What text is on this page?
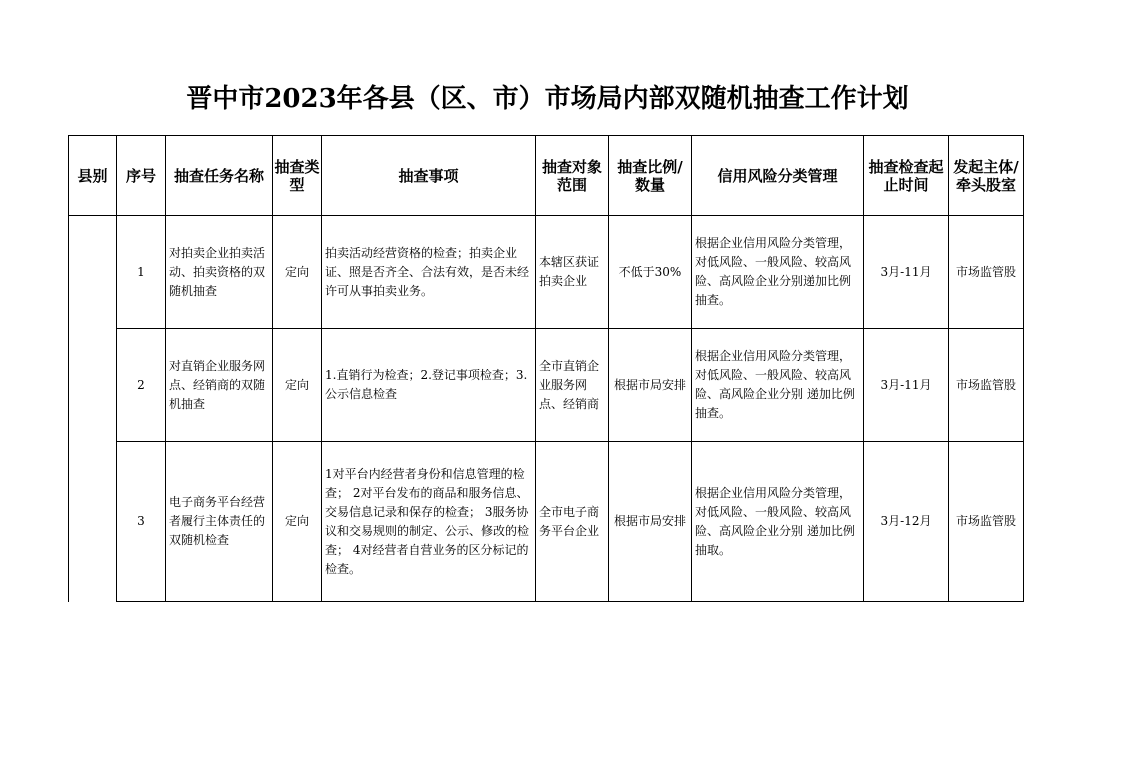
晋中市2023年各县（区、市）市场局内部双随机抽查工作计划
县别	序号	抽查任务名称	抽查类型	抽查事项	抽查对象范围	抽查比例/数量	信用风险分类管理	抽查检查起止时间	发起主体/牵头股室
	1	对拍卖企业拍卖活动、拍卖资格的双随机抽查	定向	拍卖活动经营资格的检查；拍卖企业证、照是否齐全、合法有效，是否未经许可从事拍卖业务。	本辖区获证拍卖企业	不低于30%	根据企业信用风险分类管理，对低风险、一般风险、较高风险、高风险企业分别递加比例抽查。	3月-11月	市场监管股
	2	对直销企业服务网点、经销商的双随机抽查	定向	1.直销行为检查；2.登记事项检查；3.公示信息检查	全市直销企业服务网点、经销商	根据市局安排	根据企业信用风险分类管理，对低风险、一般风险、较高风险、高风险企业分别 递加比例抽查。	3月-11月	市场监管股
	3	电子商务平台经营者履行主体责任的双随机检查	定向	1对平台内经营者身份和信息管理的检查； 2对平台发布的商品和服务信息、交易信息记录和保存的检查； 3服务协议和交易规则的制定、公示、修改的检查； 4对经营者自营业务的区分标记的检查。	全市电子商务平台企业	根据市局安排	根据企业信用风险分类管理，对低风险、一般风险、较高风险、高风险企业分别 递加比例抽取。	3月-12月	市场监管股
